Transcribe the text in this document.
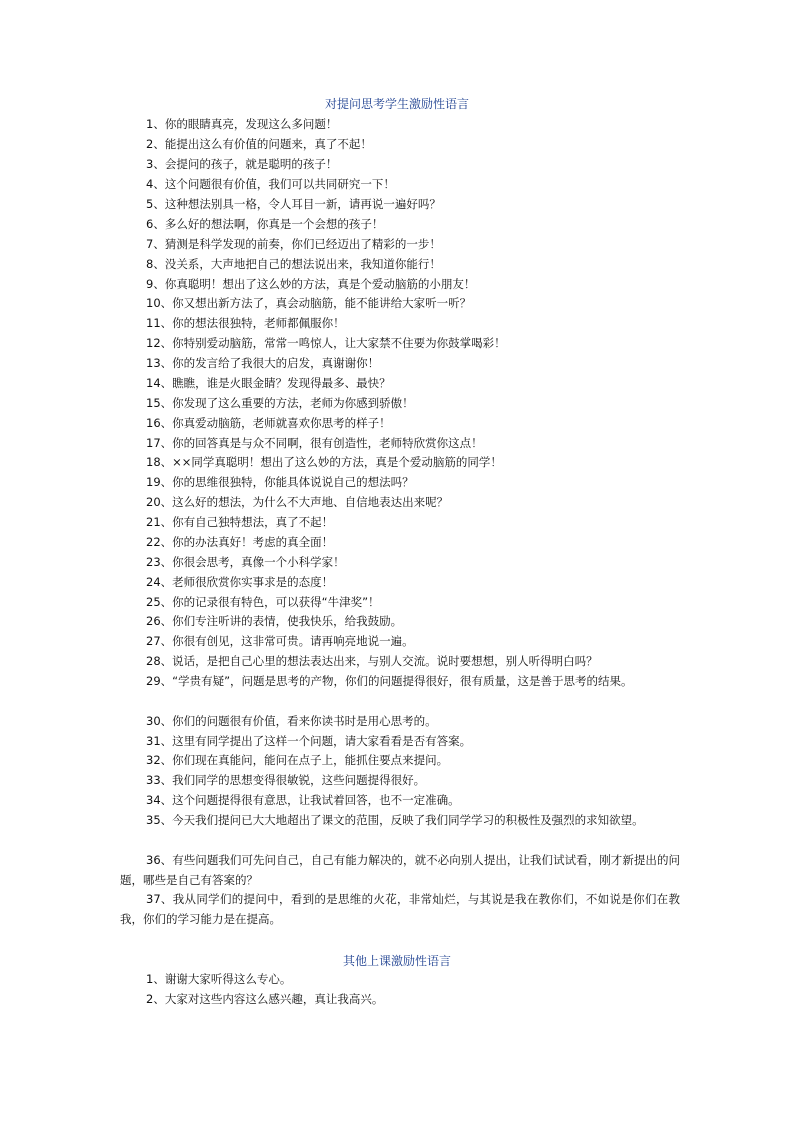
对提问思考学生激励性语言
1、你的眼睛真亮，发现这么多问题！
2、能提出这么有价值的问题来，真了不起！
3、会提问的孩子，就是聪明的孩子！
4、这个问题很有价值，我们可以共同研究一下！
5、这种想法别具一格，令人耳目一新，请再说一遍好吗？
6、多么好的想法啊，你真是一个会想的孩子！
7、猜测是科学发现的前奏，你们已经迈出了精彩的一步！
8、没关系，大声地把自己的想法说出来，我知道你能行！
9、你真聪明！想出了这么妙的方法，真是个爱动脑筋的小朋友！
10、你又想出新方法了，真会动脑筋，能不能讲给大家听一听？
11、你的想法很独特，老师都佩服你！
12、你特别爱动脑筋，常常一鸣惊人，让大家禁不住要为你鼓掌喝彩！
13、你的发言给了我很大的启发，真谢谢你！
14、瞧瞧，谁是火眼金睛？发现得最多、最快？
15、你发现了这么重要的方法，老师为你感到骄傲！
16、你真爱动脑筋，老师就喜欢你思考的样子！
17、你的回答真是与众不同啊，很有创造性，老师特欣赏你这点！
18、××同学真聪明！想出了这么妙的方法，真是个爱动脑筋的同学！
19、你的思维很独特，你能具体说说自己的想法吗？
20、这么好的想法，为什么不大声地、自信地表达出来呢？
21、你有自己独特想法，真了不起！
22、你的办法真好！考虑的真全面！
23、你很会思考，真像一个小科学家！
24、老师很欣赏你实事求是的态度！
25、你的记录很有特色，可以获得“牛津奖”！
26、你们专注听讲的表情，使我快乐，给我鼓励。
27、你很有创见，这非常可贵。请再响亮地说一遍。
28、说话，是把自己心里的想法表达出来，与别人交流。说时要想想，别人听得明白吗？
29、“学贵有疑”，问题是思考的产物，你们的问题提得很好，很有质量，这是善于思考的结果。
30、你们的问题很有价值，看来你读书时是用心思考的。
31、这里有同学提出了这样一个问题，请大家看看是否有答案。
32、你们现在真能问，能问在点子上，能抓住要点来提问。
33、我们同学的思想变得很敏锐，这些问题提得很好。
34、这个问题提得很有意思，让我试着回答，也不一定准确。
35、今天我们提问已大大地超出了课文的范围，反映了我们同学学习的积极性及强烈的求知欲望。
36、有些问题我们可先问自己，自己有能力解决的，就不必向别人提出，让我们试试看，刚才新提出的问题，哪些是自己有答案的？
37、我从同学们的提问中，看到的是思维的火花，非常灿烂，与其说是我在教你们，不如说是你们在教我，你们的学习能力是在提高。
其他上课激励性语言
1、谢谢大家听得这么专心。
2、大家对这些内容这么感兴趣，真让我高兴。
